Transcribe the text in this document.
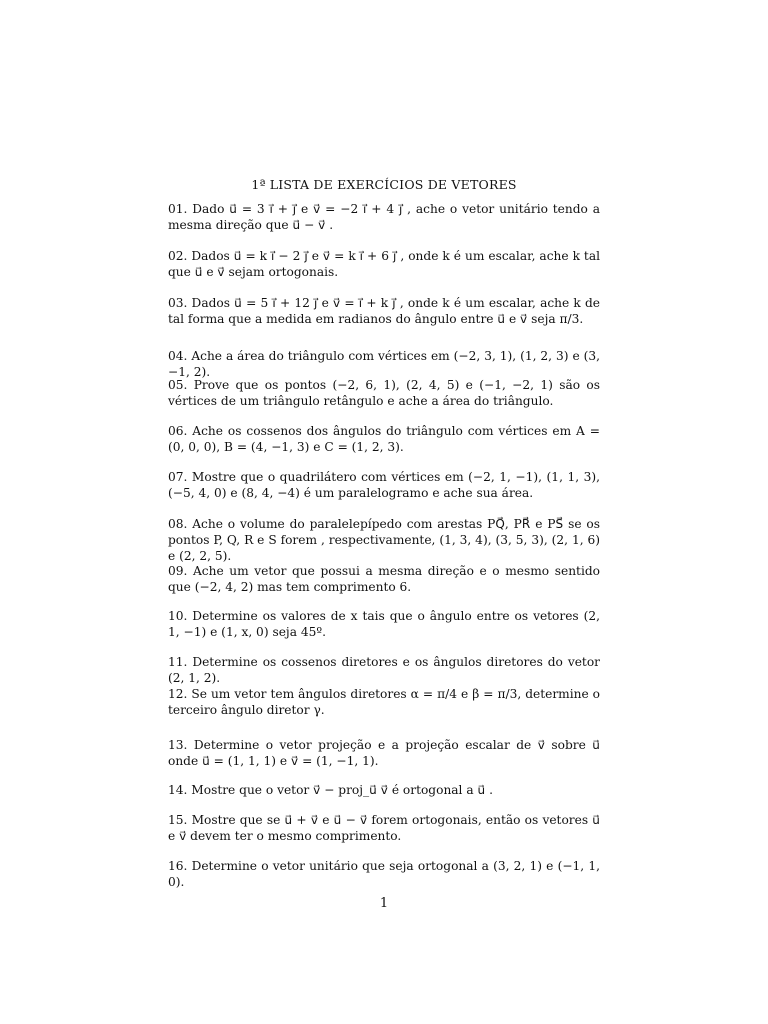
1ª LISTA DE EXERCÍCIOS DE VETORES

01. Dado u⃗ = 3 i⃗ + j⃗ e v⃗ = −2 i⃗ + 4 j⃗ , ache o vetor unitário tendo a mesma direção que u⃗ − v⃗ .

02. Dados u⃗ = k i⃗ − 2 j⃗ e v⃗ = k i⃗ + 6 j⃗ , onde k é um escalar, ache k tal que u⃗ e v⃗ sejam ortogonais.

03. Dados u⃗ = 5 i⃗ + 12 j⃗ e v⃗ = i⃗ + k j⃗ , onde k é um escalar, ache k de tal forma que a medida em radianos do ângulo entre u⃗ e v⃗ seja π/3.

04. Ache a área do triângulo com vértices em (−2, 3, 1), (1, 2, 3) e (3, −1, 2).

05. Prove que os pontos (−2, 6, 1), (2, 4, 5) e (−1, −2, 1) são os vértices de um triângulo retângulo e ache a área do triângulo.

06. Ache os cossenos dos ângulos do triângulo com vértices em A = (0, 0, 0), B = (4, −1, 3) e C = (1, 2, 3).

07. Mostre que o quadrilátero com vértices em (−2, 1, −1), (1, 1, 3), (−5, 4, 0) e (8, 4, −4) é um paralelogramo e ache sua área.

08. Ache o volume do paralelepípedo com arestas PQ⃗, PR⃗ e PS⃗ se os pontos P, Q, R e S forem , respectivamente, (1, 3, 4), (3, 5, 3), (2, 1, 6) e (2, 2, 5).

09. Ache um vetor que possui a mesma direção e o mesmo sentido que (−2, 4, 2) mas tem comprimento 6.

10. Determine os valores de x tais que o ângulo entre os vetores (2, 1, −1) e (1, x, 0) seja 45º.

11. Determine os cossenos diretores e os ângulos diretores do vetor (2, 1, 2).

12. Se um vetor tem ângulos diretores α = π/4 e β = π/3, determine o terceiro ângulo diretor γ.

13. Determine o vetor projeção e a projeção escalar de v⃗ sobre u⃗ onde u⃗ = (1, 1, 1) e v⃗ = (1, −1, 1).

14. Mostre que o vetor v⃗ − proj_u⃗ v⃗ é ortogonal a u⃗ .

15. Mostre que se u⃗ + v⃗ e u⃗ − v⃗ forem ortogonais, então os vetores u⃗ e v⃗ devem ter o mesmo comprimento.

16. Determine o vetor unitário que seja ortogonal a (3, 2, 1) e (−1, 1, 0).

1
